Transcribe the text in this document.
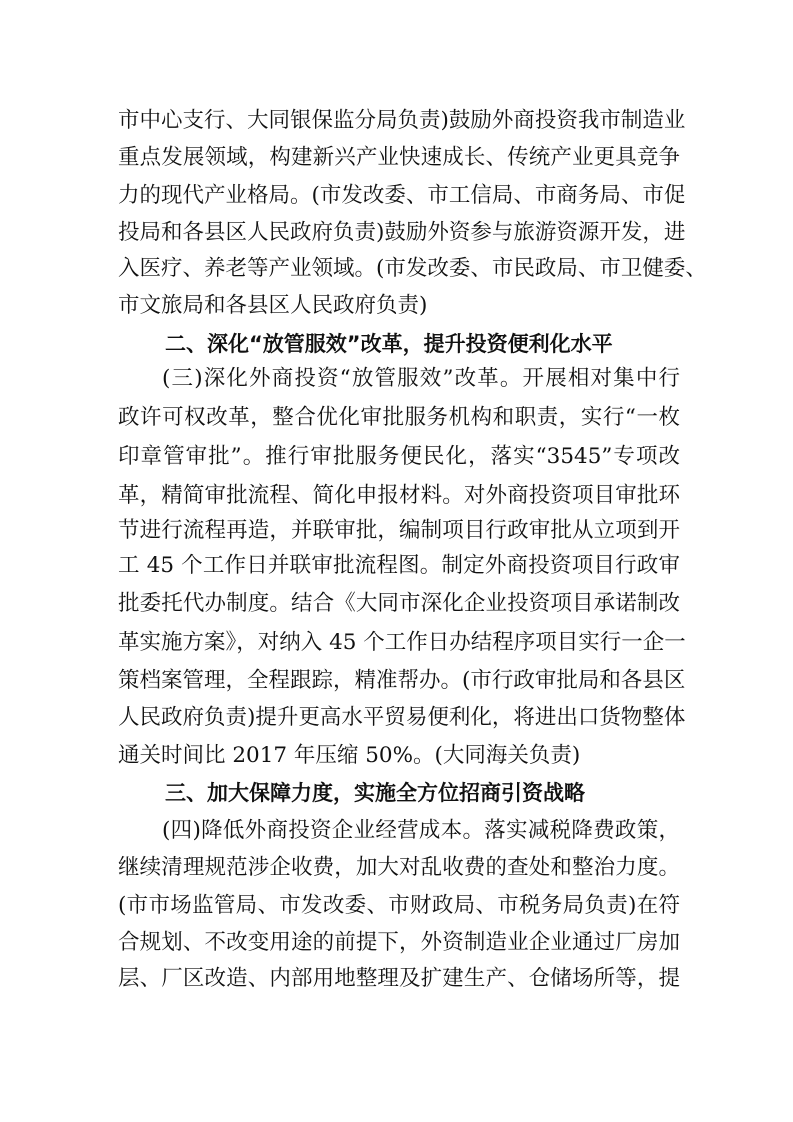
市中心支行、大同银保监分局负责)鼓励外商投资我市制造业
重点发展领域，构建新兴产业快速成长、传统产业更具竞争
力的现代产业格局。(市发改委、市工信局、市商务局、市促
投局和各县区人民政府负责)鼓励外资参与旅游资源开发，进
入医疗、养老等产业领域。(市发改委、市民政局、市卫健委、
市文旅局和各县区人民政府负责)
二、深化“放管服效”改革，提升投资便利化水平
(三)深化外商投资“放管服效”改革。开展相对集中行
政许可权改革，整合优化审批服务机构和职责，实行“一枚
印章管审批”。推行审批服务便民化，落实“3545”专项改
革，精简审批流程、简化申报材料。对外商投资项目审批环
节进行流程再造，并联审批，编制项目行政审批从立项到开
工 45 个工作日并联审批流程图。制定外商投资项目行政审
批委托代办制度。结合《大同市深化企业投资项目承诺制改
革实施方案》，对纳入 45 个工作日办结程序项目实行一企一
策档案管理，全程跟踪，精准帮办。(市行政审批局和各县区
人民政府负责)提升更高水平贸易便利化，将进出口货物整体
通关时间比 2017 年压缩 50%。(大同海关负责)
三、加大保障力度，实施全方位招商引资战略
(四)降低外商投资企业经营成本。落实减税降费政策，
继续清理规范涉企收费，加大对乱收费的查处和整治力度。
(市市场监管局、市发改委、市财政局、市税务局负责)在符
合规划、不改变用途的前提下，外资制造业企业通过厂房加
层、厂区改造、内部用地整理及扩建生产、仓储场所等，提
